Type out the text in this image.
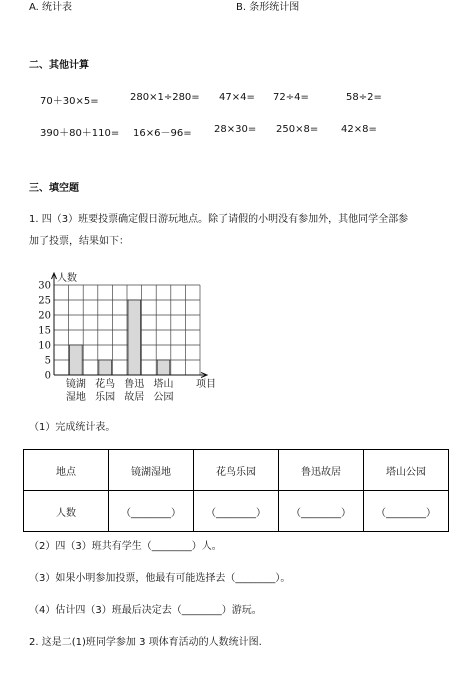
A. 统计表	B. 条形统计图
二、其他计算
70＋30×5=	280×1÷280= 47×4= 72÷4=	58÷2=
390＋80＋110= 16×6－96= 28×30= 250×8= 42×8=
三、填空题
1. 四（3）班要投票确定假日游玩地点。除了请假的小明没有参加外，其他同学全部参
加了投票，结果如下：
0
5
10
15
20
25
30
人数
镜湖
湿地
花鸟
乐园
鲁迅
故居
塔山
公园
项目
（1）完成统计表。
地点	镜湖湿地	花鸟乐园	鲁迅故居	塔山公园
人数	（________）	（________）	（________）	（________）
（2）四（3）班共有学生（________）人。
（3）如果小明参加投票，他最有可能选择去（________）。
（4）估计四（3）班最后决定去（________）游玩。
2. 这是二(1)班同学参加 3 项体育活动的人数统计图.
